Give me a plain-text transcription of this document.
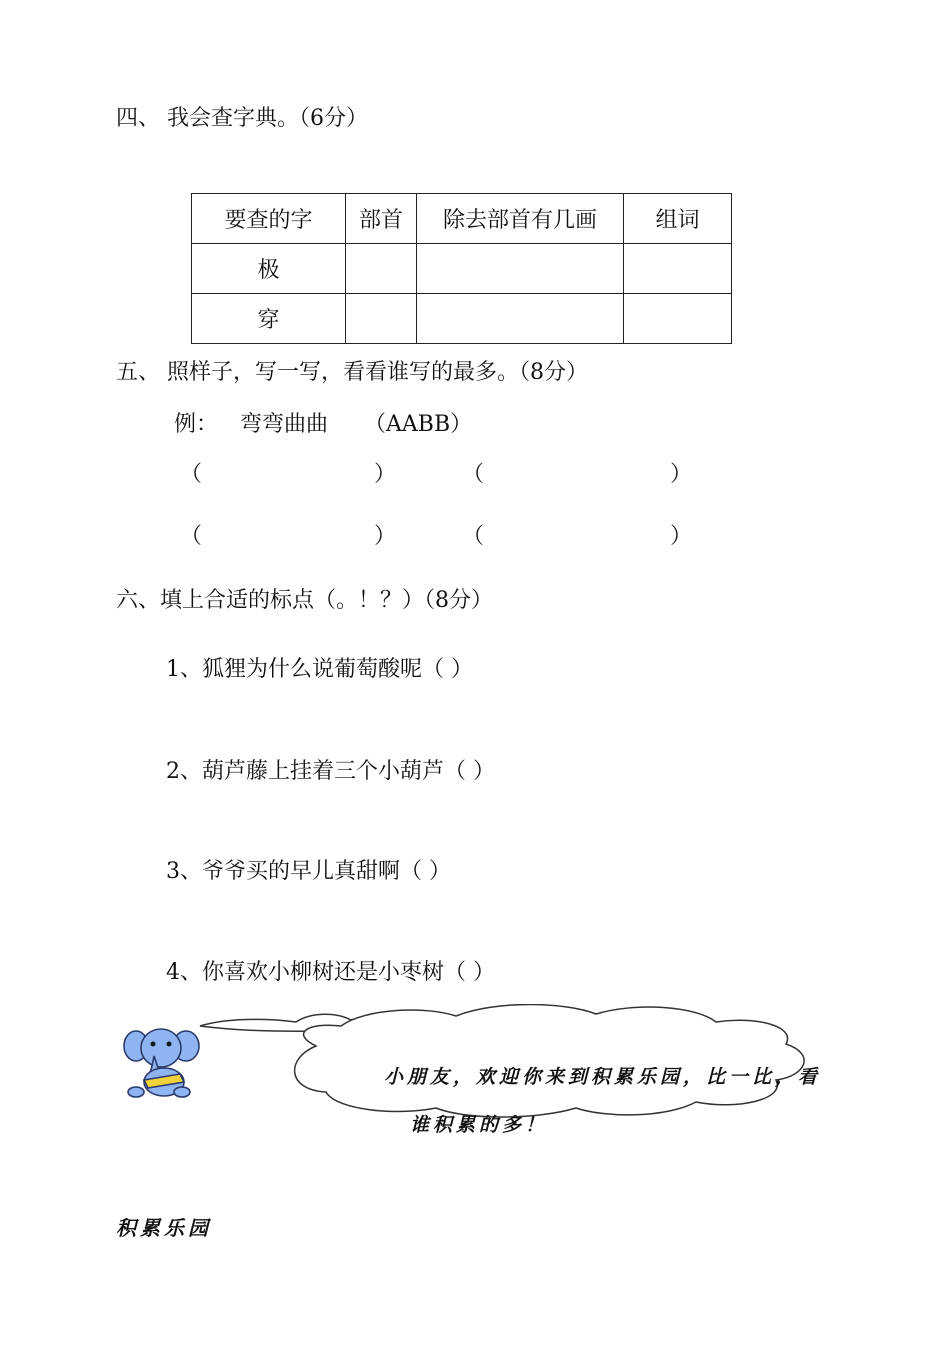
四、 我会查字典。（6分）
要查的字	部首	除去部首有几画	组词
极			
穿			
五、 照样子，写一写，看看谁写的最多。（8分）
例： 弯弯曲曲 （AABB）
（	）	（	）
（	）	（	）
六、填上合适的标点（。！？）（8分）
1、狐狸为什么说葡萄酸呢（ ）
2、葫芦藤上挂着三个小葫芦（ ）
3、爷爷买的早儿真甜啊（ ）
4、你喜欢小柳树还是小枣树（ ）
小朋友，欢迎你来到积累乐园，比一比，看
谁积累的多！
积累乐园
